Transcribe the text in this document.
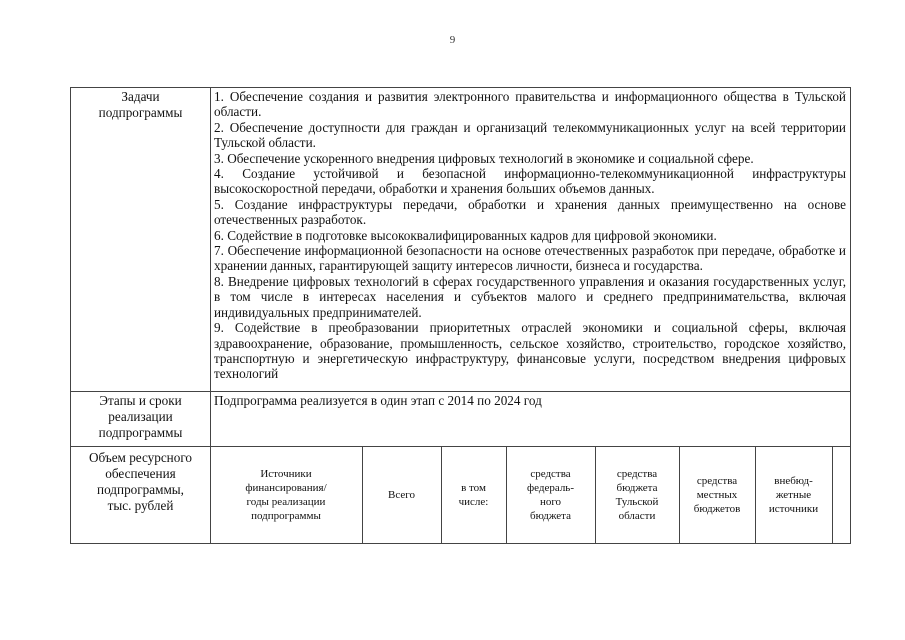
9
Задачи
подпрограммы

1. Обеспечение создания и развития электронного правительства и информационного общества в Тульской области.

2. Обеспечение доступности для граждан и организаций телекоммуникационных услуг на всей территории Тульской области.

3. Обеспечение ускоренного внедрения цифровых технологий в экономике и социальной сфере.

4. Создание устойчивой и безопасной информационно-телекоммуникационной инфраструктуры высокоскоростной передачи, обработки и хранения больших объемов данных.

5. Создание инфраструктуры передачи, обработки и хранения данных преимущественно на основе отечественных разработок.

6. Содействие в подготовке высококвалифицированных кадров для цифровой экономики.

7. Обеспечение информационной безопасности на основе отечественных разработок при передаче, обработке и хранении данных, гарантирующей защиту интересов личности, бизнеса и государства.

8. Внедрение цифровых технологий в сферах государственного управления и оказания государственных услуг, в том числе в интересах населения и субъектов малого и среднего предпринимательства, включая индивидуальных предпринимателей.

9. Содействие в преобразовании приоритетных отраслей экономики и социальной сферы, включая здравоохранение, образование, промышленность, сельское хозяйство, строительство, городское хозяйство, транспортную и энергетическую инфраструктуру, финансовые услуги, посредством внедрения цифровых технологий

Этапы и сроки
реализации
подпрограммы
Подпрограмма реализуется в один этап с 2014 по 2024 год
Объем ресурсного
обеспечения
подпрограммы,
тыс. рублей
Источники
финансирования/
годы реализации
подпрограммы
Всего
в том
числе:
средства
федераль-
ного
бюджета
средства
бюджета
Тульской
области
средства
местных
бюджетов
внебюд-
жетные
источники
